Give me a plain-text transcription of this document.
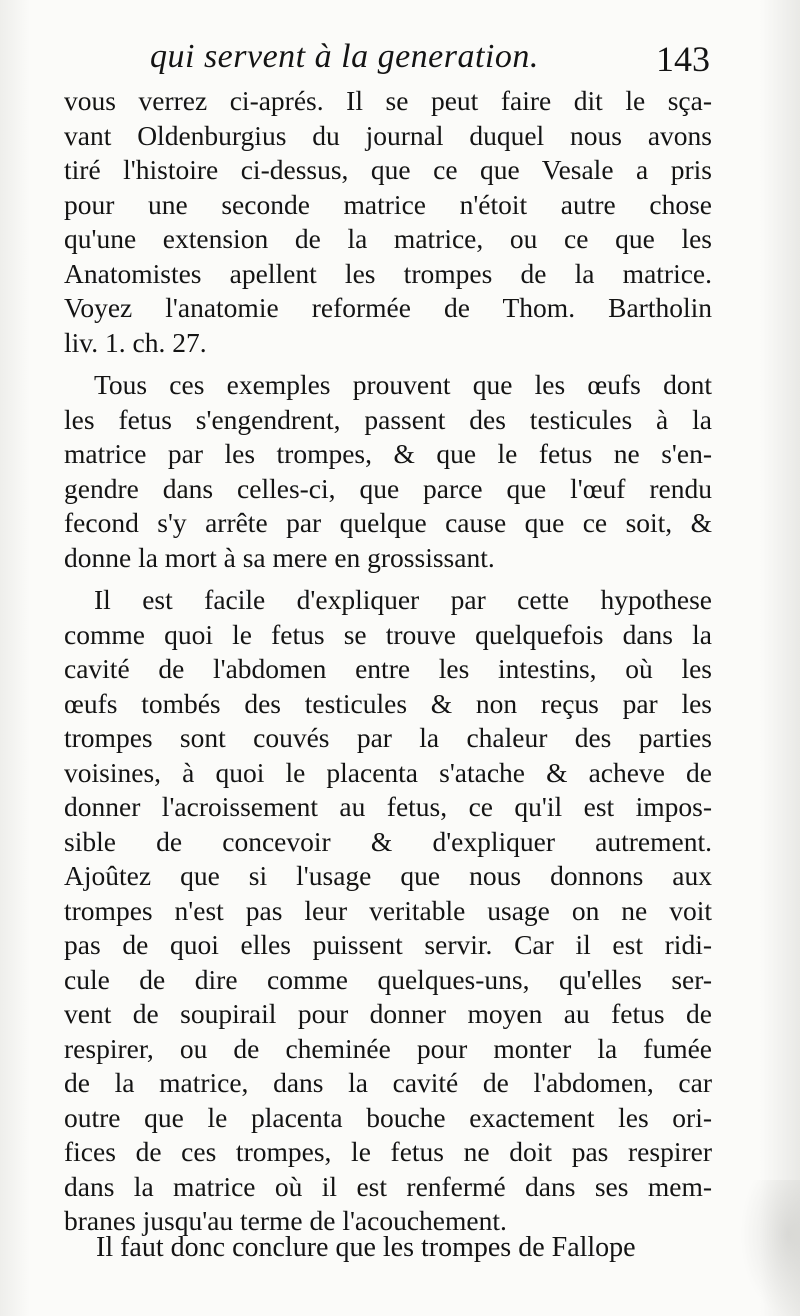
qui servent à la generation.	143
vous verrez ci-aprés. Il se peut faire dit le sça-
vant Oldenburgius du journal duquel nous avons
tiré l'histoire ci-dessus, que ce que Vesale a pris
pour une seconde matrice n'étoit autre chose
qu'une extension de la matrice, ou ce que les
Anatomistes apellent les trompes de la matrice.
Voyez l'anatomie reformée de Thom. Bartholin
liv. 1. ch. 27.
Tous ces exemples prouvent que les œufs dont
les fetus s'engendrent, passent des testicules à la
matrice par les trompes, & que le fetus ne s'en-
gendre dans celles-ci, que parce que l'œuf rendu
fecond s'y arrête par quelque cause que ce soit, &
donne la mort à sa mere en grossissant.
Il est facile d'expliquer par cette hypothese
comme quoi le fetus se trouve quelquefois dans la
cavité de l'abdomen entre les intestins, où les
œufs tombés des testicules & non reçus par les
trompes sont couvés par la chaleur des parties
voisines, à quoi le placenta s'atache & acheve de
donner l'acroissement au fetus, ce qu'il est impos-
sible de concevoir & d'expliquer autrement.
Ajoûtez que si l'usage que nous donnons aux
trompes n'est pas leur veritable usage on ne voit
pas de quoi elles puissent servir. Car il est ridi-
cule de dire comme quelques-uns, qu'elles ser-
vent de soupirail pour donner moyen au fetus de
respirer, ou de cheminée pour monter la fumée
de la matrice, dans la cavité de l'abdomen, car
outre que le placenta bouche exactement les ori-
fices de ces trompes, le fetus ne doit pas respirer
dans la matrice où il est renfermé dans ses mem-
branes jusqu'au terme de l'acouchement.
Il faut donc conclure que les trompes de Fallope
